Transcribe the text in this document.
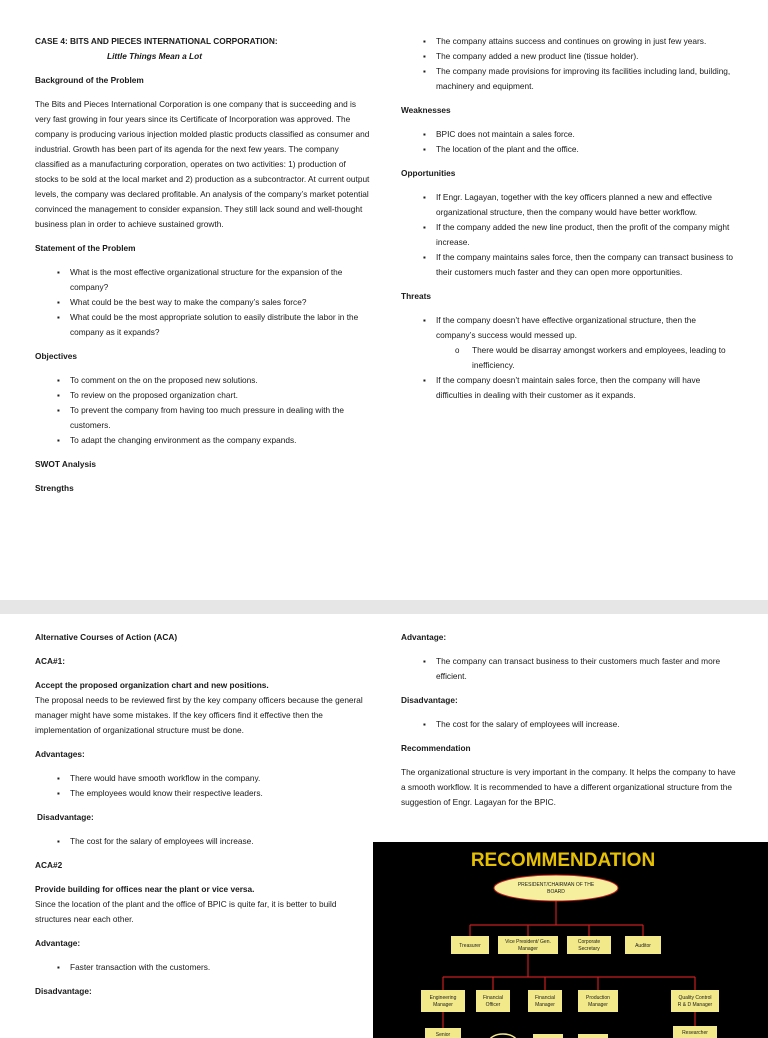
CASE 4: BITS AND PIECES INTERNATIONAL CORPORATION:
Little Things Mean a Lot
Background of the Problem

The Bits and Pieces International Corporation is one company that is succeeding and is very fast growing in four years since its Certificate of Incorporation was approved. The company is producing various injection molded plastic products classified as consumer and industrial. Growth has been part of its agenda for the next few years. The company classified as a manufacturing corporation, operates on two activities: 1) production of stocks to be sold at the local market and 2) production as a subcontractor. At current output levels, the company was declared profitable. An analysis of the company’s market potential convinced the management to consider expansion. They still lack sound and well-thought business plan in order to achieve sustained growth.

Statement of the Problem
▪ What is the most effective organizational structure for the expansion of the company?
▪ What could be the best way to make the company’s sales force?
▪ What could be the most appropriate solution to easily distribute the labor in the company as it expands?
Objectives
▪ To comment on the on the proposed new solutions.
▪ To review on the proposed organization chart.
▪ To prevent the company from having too much pressure in dealing with the customers.
▪ To adapt the changing environment as the company expands.
SWOT Analysis
Strengths
▪ The company attains success and continues on growing in just few years.
▪ The company added a new product line (tissue holder).
▪ The company made provisions for improving its facilities including land, building, machinery and equipment.
Weaknesses
▪ BPIC does not maintain a sales force.
▪ The location of the plant and the office.
Opportunities
▪ If Engr. Lagayan, together with the key officers planned a new and effective organizational structure, then the company would have better workflow.
▪ If the company added the new line product, then the profit of the company might increase.
▪ If the company maintains sales force, then the company can transact business to their customers much faster and they can open more opportunities.
Threats
▪ If the company doesn’t have effective organizational structure, then the company’s success would messed up.
o There would be disarray amongst workers and employees, leading to inefficiency.
▪ If the company doesn’t maintain sales force, then the company will have difficulties in dealing with their customer as it expands.
Alternative Courses of Action (ACA)
ACA#1:
Accept the proposed organization chart and new positions.

The proposal needs to be reviewed first by the key company officers because the general manager might have some mistakes. If the key officers find it effective then the implementation of organizational structure must be done.

Advantages:
▪ There would have smooth workflow in the company.
▪ The employees would know their respective leaders.
Disadvantage:
▪ The cost for the salary of employees will increase.
ACA#2
Provide building for offices near the plant or vice versa.

Since the location of the plant and the office of BPIC is quite far, it is better to build structures near each other.

Advantage:
▪ Faster transaction with the customers.
Disadvantage:
Advantage:
▪ The company can transact business to their customers much faster and more efficient.
Disadvantage:
▪ The cost for the salary of employees will increase.
Recommendation

The organizational structure is very important in the company. It helps the company to have a smooth workflow. It is recommended to have a different organizational structure from the suggestion of Engr. Lagayan for the BPIC.

RECOMMENDATION
PRESIDENT/CHAIRMAN OF THE
BOARD
Treasurer
Vice President/ Gen.
Manager
Corporate
Secretary	Auditor
Engineering
Manager
Financial
Officer
Financial
Manager
Production
Manager
Quality Control
R & D Manager
Senior	Researcher
